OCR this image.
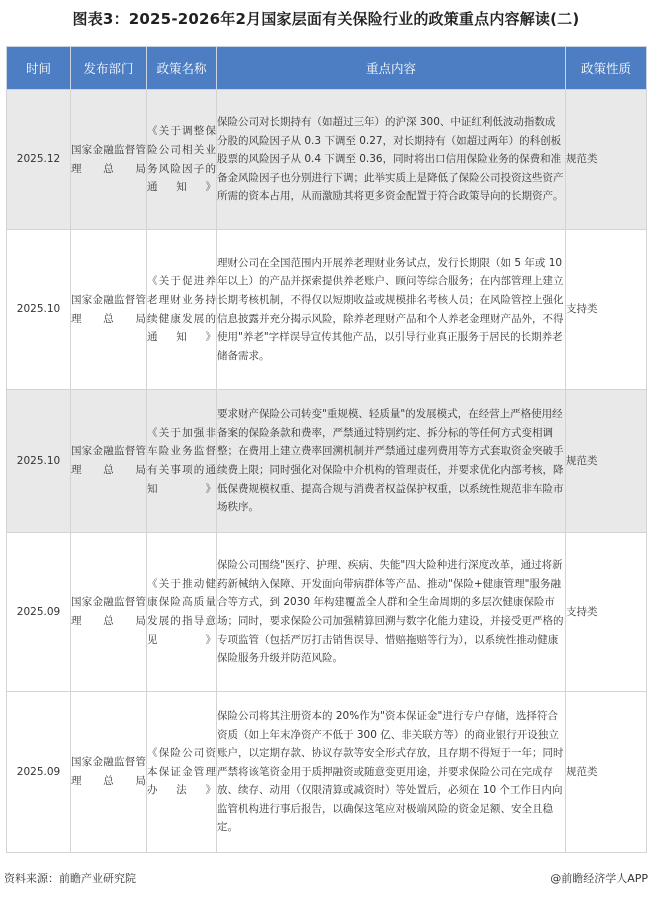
图表3：2025-2026年2月国家层面有关保险行业的政策重点内容解读(二)
时间	发布部门	政策名称	重点内容	政策性质
2025.12	国家金融监督管理总局	《关于调整保险公司相关业务风险因子的通知》	保险公司对长期持有（如超过三年）的沪深 300、中证红利低波动指数成分股的风险因子从 0.3 下调至 0.27，对长期持有（如超过两年）的科创板股票的风险因子从 0.4 下调至 0.36，同时将出口信用保险业务的保费和准备金风险因子也分别进行下调；此举实质上是降低了保险公司投资这些资产所需的资本占用，从而激励其将更多资金配置于符合政策导向的长期资产。	规范类
2025.10	国家金融监督管理总局	《关于促进养老理财业务持续健康发展的通知》	理财公司在全国范围内开展养老理财业务试点，发行长期限（如 5 年或 10 年以上）的产品并探索提供养老账户、顾问等综合服务；在内部管理上建立长期考核机制，不得仅以短期收益或规模排名考核人员；在风险管控上强化信息披露并充分揭示风险，除养老理财产品和个人养老金理财产品外，不得使用"养老"字样误导宣传其他产品，以引导行业真正服务于居民的长期养老储备需求。	支持类
2025.10	国家金融监督管理总局	《关于加强非车险业务监督有关事项的通知》	要求财产保险公司转变"重规模、轻质量"的发展模式，在经营上严格使用经备案的保险条款和费率，严禁通过特别约定、拆分标的等任何方式变相调整；在费用上建立费率回溯机制并严禁通过虚列费用等方式套取资金突破手续费上限；同时强化对保险中介机构的管理责任，并要求优化内部考核，降低保费规模权重、提高合规与消费者权益保护权重，以系统性规范非车险市场秩序。	规范类
2025.09	国家金融监督管理总局	《关于推动健康保险高质量发展的指导意见》	保险公司围绕"医疗、护理、疾病、失能"四大险种进行深度改革，通过将新药新械纳入保障、开发面向带病群体等产品、推动"保险+健康管理"服务融合等方式，到 2030 年构建覆盖全人群和全生命周期的多层次健康保险市场；同时，要求保险公司加强精算回溯与数字化能力建设，并接受更严格的专项监管（包括严厉打击销售误导、惜赔拖赔等行为），以系统性推动健康保险服务升级并防范风险。	支持类
2025.09	国家金融监督管理总局	《保险公司资本保证金管理办法》	保险公司将其注册资本的 20%作为"资本保证金"进行专户存储，选择符合资质（如上年末净资产不低于 300 亿、非关联方等）的商业银行开设独立账户，以定期存款、协议存款等安全形式存放，且存期不得短于一年；同时严禁将该笔资金用于质押融资或随意变更用途，并要求保险公司在完成存放、续存、动用（仅限清算或减资时）等处置后，必须在 10 个工作日内向监管机构进行事后报告，以确保这笔应对极端风险的资金足额、安全且稳定。	规范类
资料来源：前瞻产业研究院	@前瞻经济学人APP
